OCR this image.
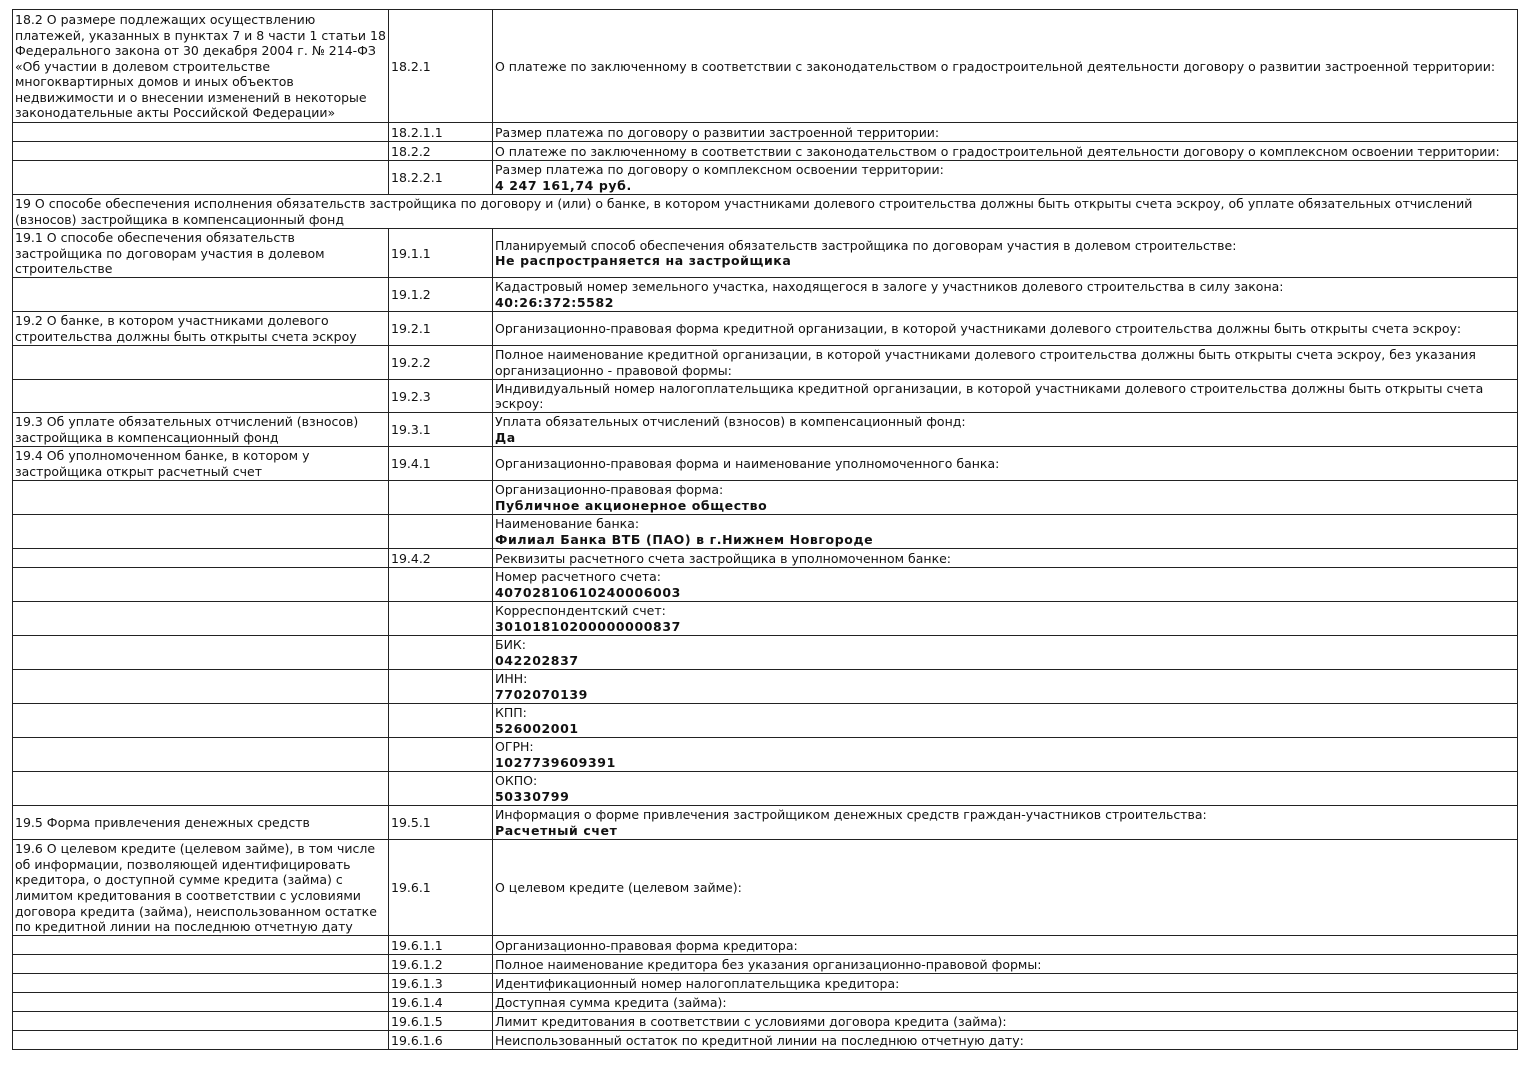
18.2 О размере подлежащих осуществлению платежей, указанных в пунктах 7 и 8 части 1 статьи 18 Федерального закона от 30 декабря 2004 г. № 214-ФЗ «Об участии в долевом строительстве многоквартирных домов и иных объектов недвижимости и о внесении изменений в некоторые законодательные акты Российской Федерации»	18.2.1	О платеже по заключенному в соответствии с законодательством о градостроительной деятельности договору о развитии застроенной территории:
	18.2.1.1	Размер платежа по договору о развитии застроенной территории:
	18.2.2	О платеже по заключенному в соответствии с законодательством о градостроительной деятельности договору о комплексном освоении территории:
	18.2.2.1	Размер платежа по договору о комплексном освоении территории:
4 247 161,74 руб.

19 О способе обеспечения исполнения обязательств застройщика по договору и (или) о банке, в котором участниками долевого строительства должны быть открыты счета эскроу, об уплате обязательных отчислений (взносов) застройщика в компенсационный фонд		
19.1 О способе обеспечения обязательств застройщика по договорам участия в долевом строительстве	19.1.1	Планируемый способ обеспечения обязательств застройщика по договорам участия в долевом строительстве:
Не распространяется на застройщика

	19.1.2	Кадастровый номер земельного участка, находящегося в залоге у участников долевого строительства в силу закона:
40:26:372:5582

19.2 О банке, в котором участниками долевого строительства должны быть открыты счета эскроу	19.2.1	Организационно-правовая форма кредитной организации, в которой участниками долевого строительства должны быть открыты счета эскроу:
	19.2.2	Полное наименование кредитной организации, в которой участниками долевого строительства должны быть открыты счета эскроу, без указания организационно - правовой формы:
	19.2.3	Индивидуальный номер налогоплательщика кредитной организации, в которой участниками долевого строительства должны быть открыты счета эскроу:
19.3 Об уплате обязательных отчислений (взносов) застройщика в компенсационный фонд	19.3.1	Уплата обязательных отчислений (взносов) в компенсационный фонд:
Да

19.4 Об уполномоченном банке, в котором у застройщика открыт расчетный счет	19.4.1	Организационно-правовая форма и наименование уполномоченного банка:
		Организационно-правовая форма:
Публичное акционерное общество

		Наименование банка:
Филиал Банка ВТБ (ПАО) в г.Нижнем Новгороде

	19.4.2	Реквизиты расчетного счета застройщика в уполномоченном банке:
		Номер расчетного счета:
40702810610240006003

		Корреспондентский счет:
30101810200000000837

		БИК:
042202837

		ИНН:
7702070139

		КПП:
526002001

		ОГРН:
1027739609391

		ОКПО:
50330799

19.5 Форма привлечения денежных средств	19.5.1	Информация о форме привлечения застройщиком денежных средств граждан-участников строительства:
Расчетный счет

19.6 О целевом кредите (целевом займе), в том числе об информации, позволяющей идентифицировать кредитора, о доступной сумме кредита (займа) с лимитом кредитования в соответствии с условиями договора кредита (займа), неиспользованном остатке по кредитной линии на последнюю отчетную дату	19.6.1	О целевом кредите (целевом займе):
	19.6.1.1	Организационно-правовая форма кредитора:
	19.6.1.2	Полное наименование кредитора без указания организационно-правовой формы:
	19.6.1.3	Идентификационный номер налогоплательщика кредитора:
	19.6.1.4	Доступная сумма кредита (займа):
	19.6.1.5	Лимит кредитования в соответствии с условиями договора кредита (займа):
	19.6.1.6	Неиспользованный остаток по кредитной линии на последнюю отчетную дату:
